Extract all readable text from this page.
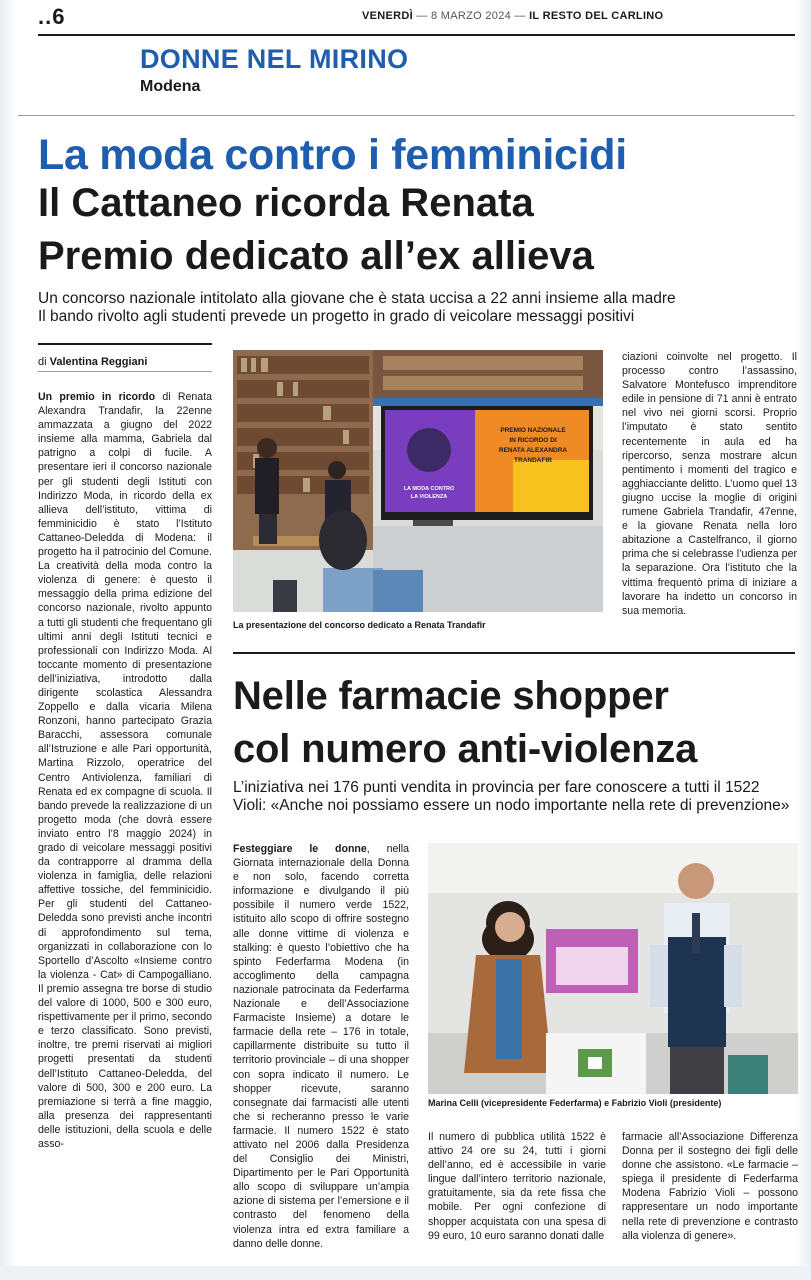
..6	VENERDÌ — 8 MARZO 2024 — IL RESTO DEL CARLINO
DONNE NEL MIRINO
Modena
La moda contro i femminicidi
Il Cattaneo ricorda Renata
Premio dedicato all’ex allieva
Un concorso nazionale intitolato alla giovane che è stata uccisa a 22 anni insieme alla madre
Il bando rivolto agli studenti prevede un progetto in grado di veicolare messaggi positivi
di Valentina Reggiani
Un premio in ricordo di Renata Alexandra Trandafir, la 22enne ammazzata a giugno del 2022 insieme alla mamma, Gabriela dal patrigno a colpi di fucile. A presentare ieri il concorso nazionale per gli studenti degli Istituti con Indirizzo Moda, in ricordo della ex allieva dell’istituto, vittima di femminicidio è stato l’Istituto Cattaneo-Deledda di Modena: il progetto ha il patrocinio del Comune. La creatività della moda contro la violenza di genere: è questo il messaggio della prima edizione del concorso nazionale, rivolto appunto a tutti gli studenti che frequentano gli ultimi anni degli Istituti tecnici e professionali con Indirizzo Moda. Al toccante momento di presentazione dell’iniziativa, introdotto dalla dirigente scolastica Alessandra Zoppello e dalla vicaria Milena Ronzoni, hanno partecipato Grazia Baracchi, assessora comunale all’Istruzione e alle Pari opportunità, Martina Rizzolo, operatrice del Centro Antiviolenza, familiari di Renata ed ex compagne di scuola. Il bando prevede la realizzazione di un progetto moda (che dovrà essere inviato entro l’8 maggio 2024) in grado di veicolare messaggi positivi da contrapporre al dramma della violenza in famiglia, delle relazioni affettive tossiche, del femminicidio. Per gli studenti del Cattaneo-Deledda sono previsti anche incontri di approfondimento sul tema, organizzati in collaborazione con lo Sportello d’Ascolto «Insieme contro la violenza - Cat» di Campogalliano. Il premio assegna tre borse di studio del valore di 1000, 500 e 300 euro, rispettivamente per il primo, secondo e terzo classificato. Sono previsti, inoltre, tre premi riservati ai migliori progetti presentati da studenti dell’Istituto Cattaneo-Deledda, del valore di 500, 300 e 200 euro. La premiazione si terrà a fine maggio, alla presenza dei rappresentanti delle istituzioni, della scuola e delle asso-
PREMIO NAZIONALE
IN RICORDO DI
RENATA ALEXANDRA
TRANDAFIR
LA MODA CONTRO
LA VIOLENZA
La presentazione del concorso dedicato a Renata Trandafir
ciazioni coinvolte nel progetto. Il processo contro l’assassino, Salvatore Montefusco imprenditore edile in pensione di 71 anni è entrato nel vivo nei giorni scorsi. Proprio l’imputato è stato sentito recentemente in aula ed ha ripercorso, senza mostrare alcun pentimento i momenti del tragico e agghiacciante delitto. L’uomo quel 13 giugno uccise la moglie di origini rumene Gabriela Trandafir, 47enne, e la giovane Renata nella loro abitazione a Castelfranco, il giorno prima che si celebrasse l’udienza per la separazione. Ora l’istituto che la vittima frequentò prima di iniziare a lavorare ha indetto un concorso in sua memoria.
Nelle farmacie shopper
col numero anti-violenza
L’iniziativa nei 176 punti vendita in provincia per fare conoscere a tutti il 1522
Violi: «Anche noi possiamo essere un nodo importante nella rete di prevenzione»
Festeggiare le donne, nella Giornata internazionale della Donna e non solo, facendo corretta informazione e divulgando il più possibile il numero verde 1522, istituito allo scopo di offrire sostegno alle donne vittime di violenza e stalking: è questo l’obiettivo che ha spinto Federfarma Modena (in accoglimento della campagna nazionale patrocinata da Federfarma Nazionale e dell’Associazione Farmaciste Insieme) a dotare le farmacie della rete – 176 in totale, capillarmente distribuite su tutto il territorio provinciale – di una shopper con sopra indicato il numero. Le shopper ricevute, saranno consegnate dai farmacisti alle utenti che si recheranno presso le varie farmacie. Il numero 1522 è stato attivato nel 2006 dalla Presidenza del Consiglio dei Ministri, Dipartimento per le Pari Opportunità allo scopo di sviluppare un’ampia azione di sistema per l’emersione e il contrasto del fenomeno della violenza intra ed extra familiare a danno delle donne.
Marina Celli (vicepresidente Federfarma) e Fabrizio Violi (presidente)
Il numero di pubblica utilità 1522 è attivo 24 ore su 24, tutti i giorni dell’anno, ed è accessibile in varie lingue dall’intero territorio nazionale, gratuitamente, sia da rete fissa che mobile. Per ogni confezione di shopper acquistata con una spesa di 99 euro, 10 euro saranno donati dalle
farmacie all’Associazione Differenza Donna per il sostegno dei figli delle donne che assistono. «Le farmacie – spiega il presidente di Federfarma Modena Fabrizio Violi – possono rappresentare un nodo importante nella rete di prevenzione e contrasto alla violenza di genere».
